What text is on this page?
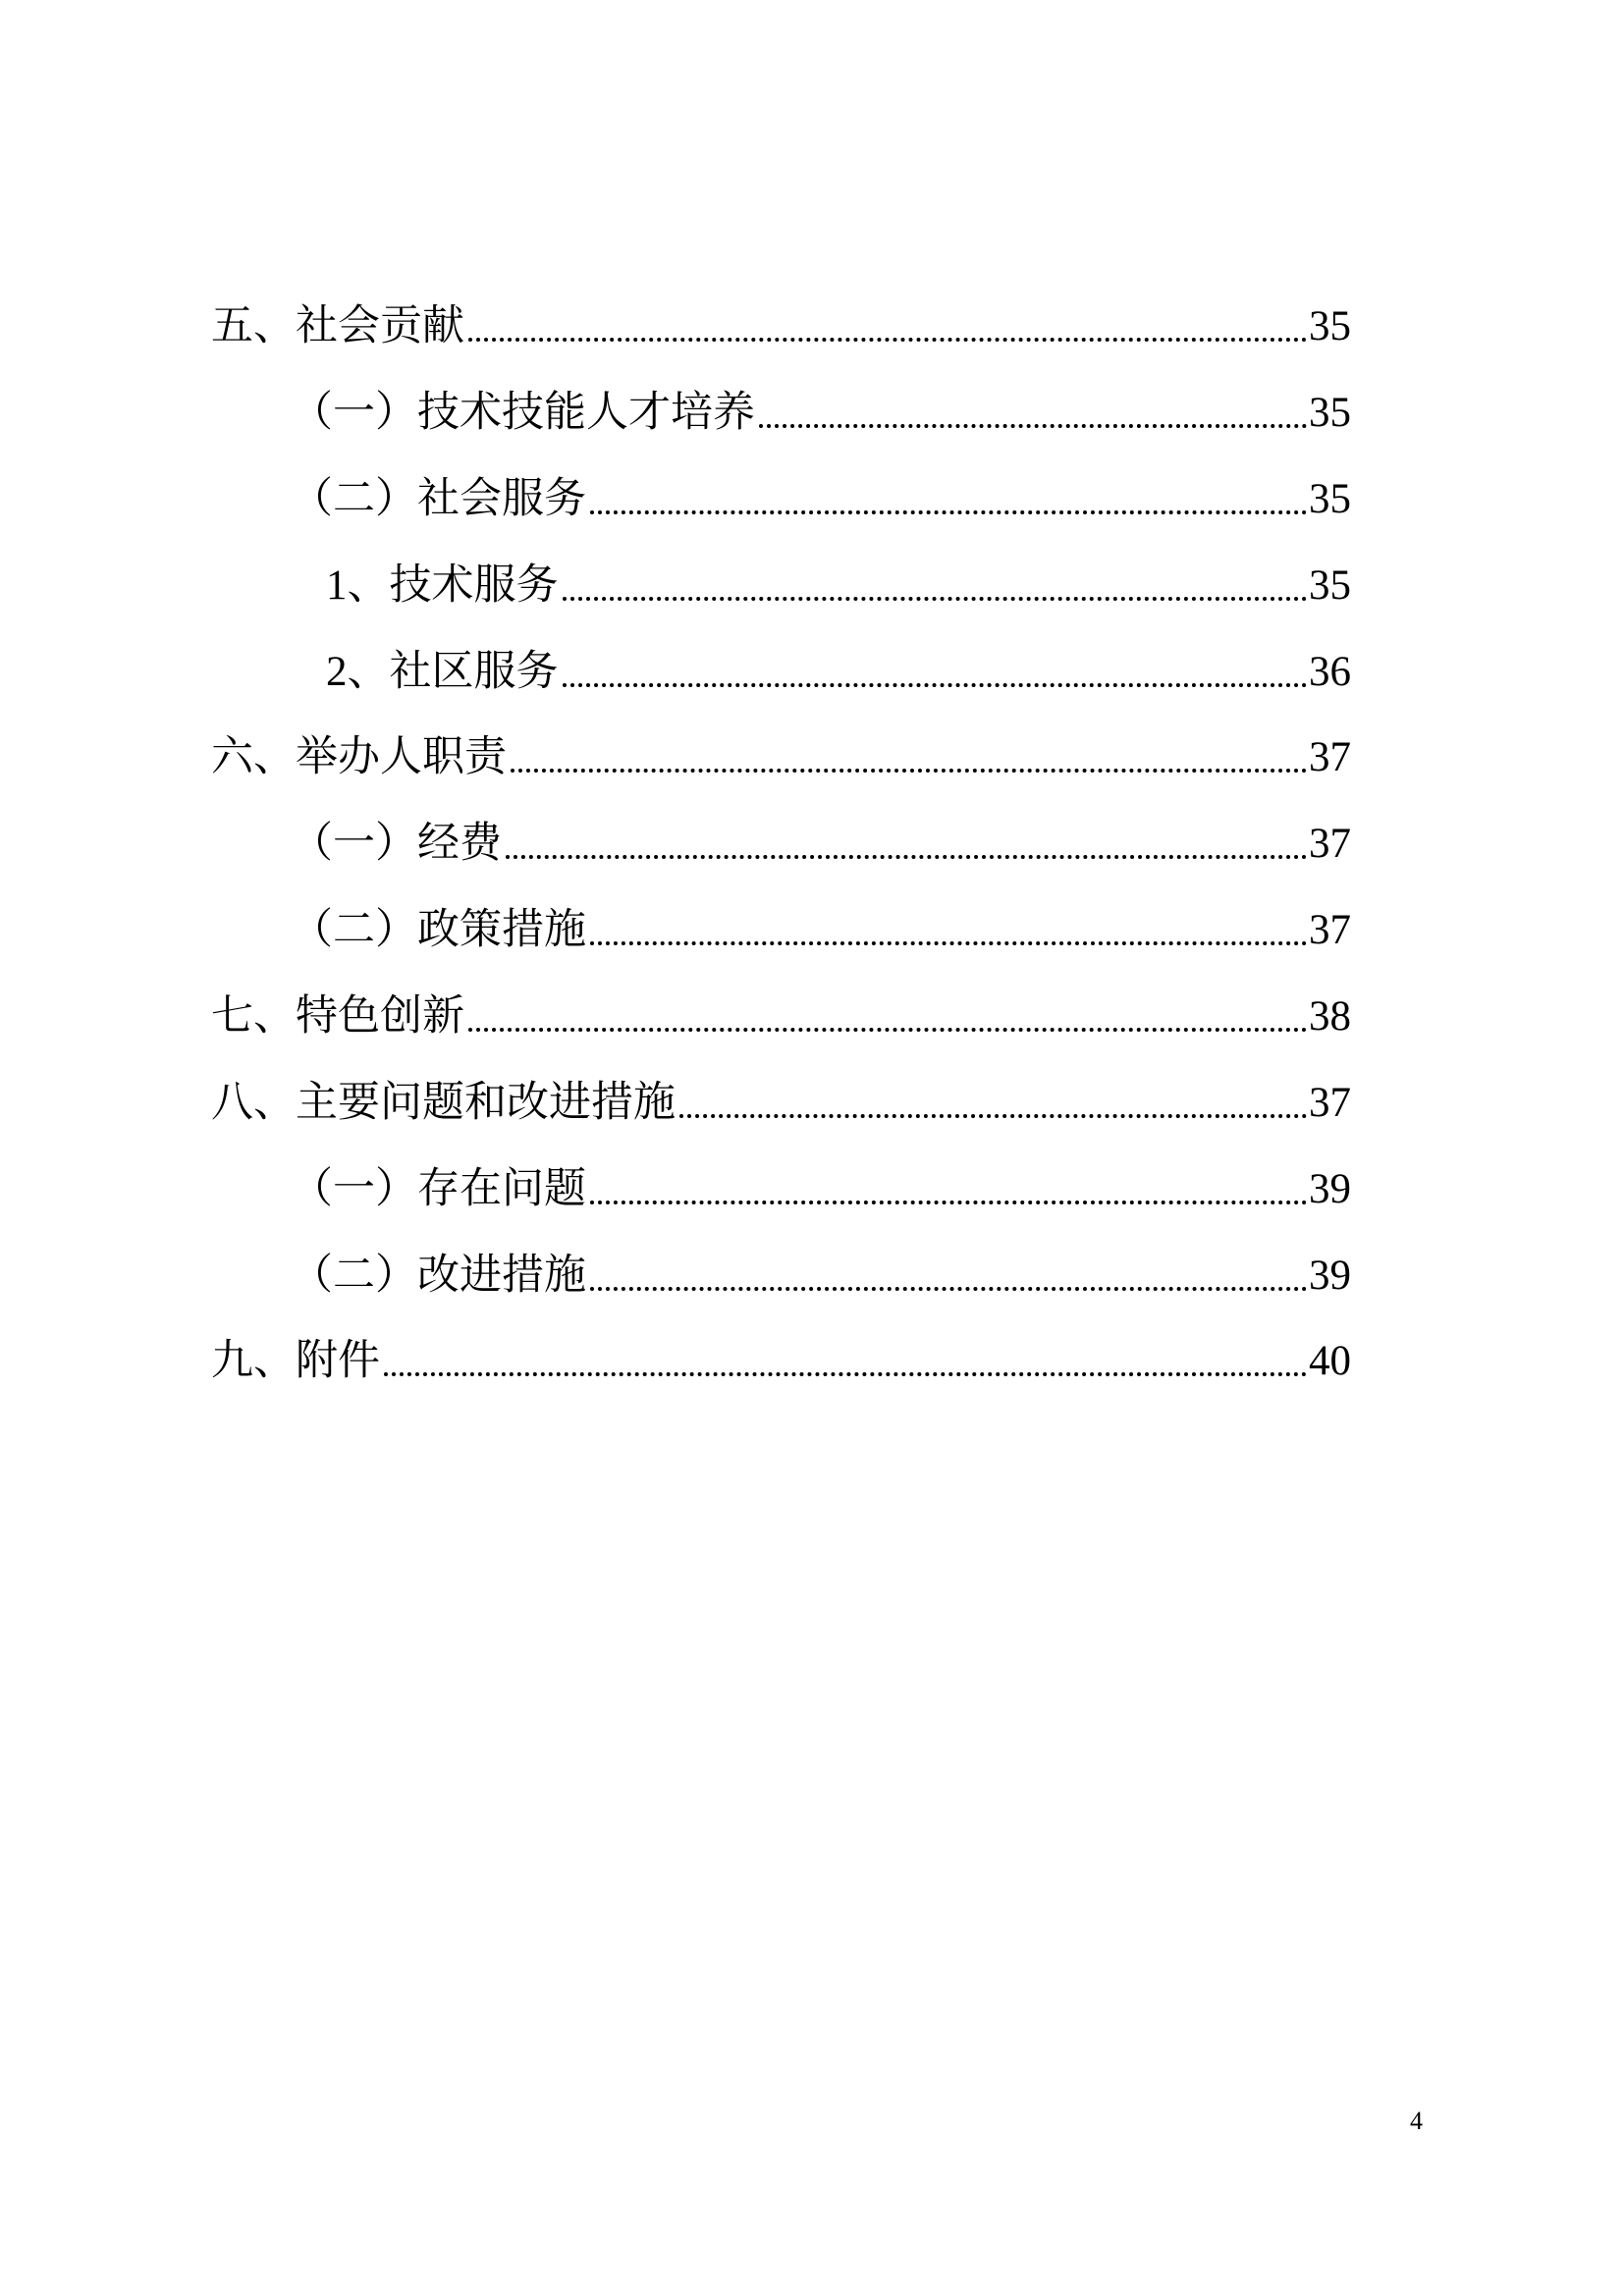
五、社会贡献	35
（一）技术技能人才培养	35
（二）社会服务	35
1、技术服务	35
2、社区服务	36
六、举办人职责	37
（一）经费	37
（二）政策措施	37
七、特色创新	38
八、主要问题和改进措施	37
（一）存在问题	39
（二）改进措施	39
九、附件	40
4
